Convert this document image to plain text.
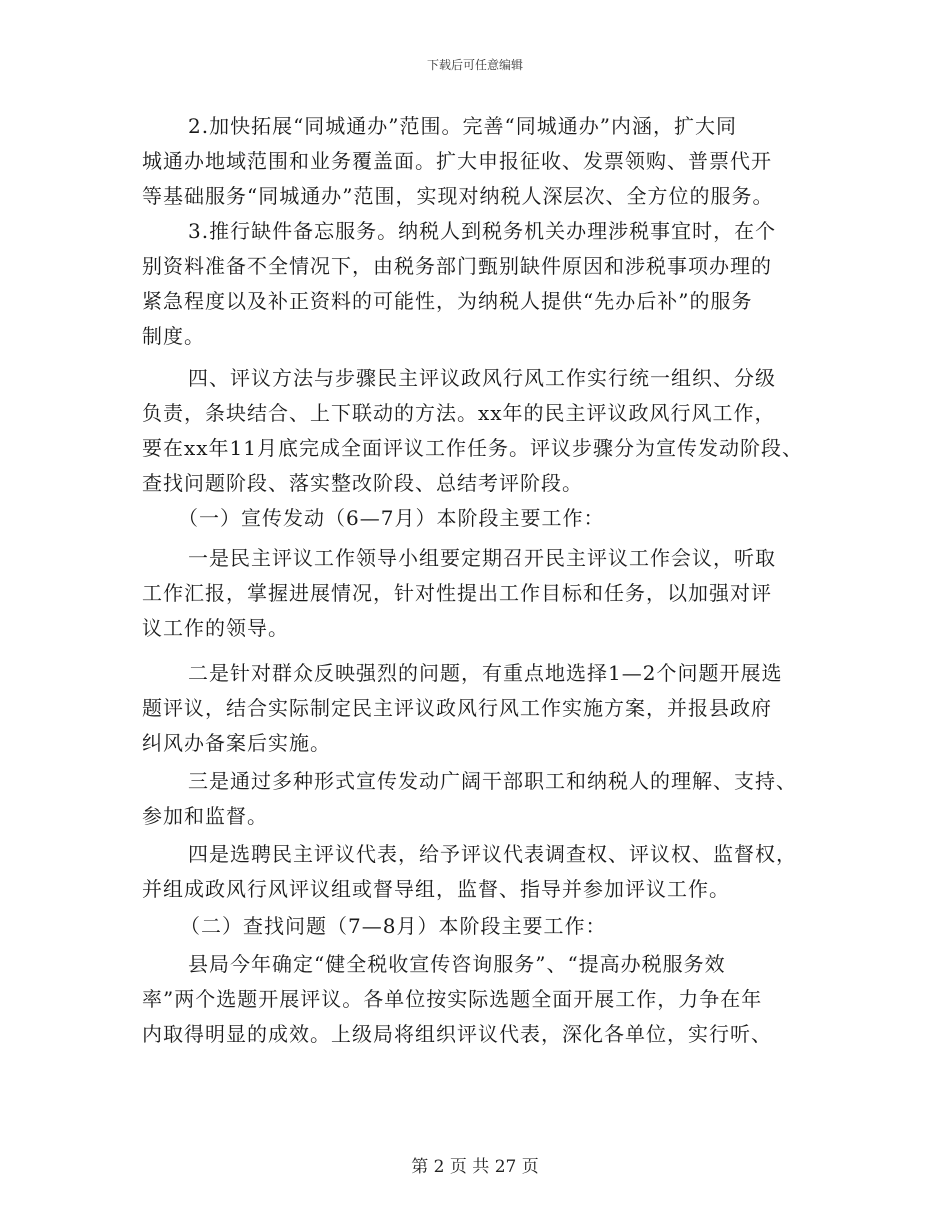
下载后可任意编辑
2.加快拓展“同城通办”范围。完善“同城通办”内涵，扩大同
城通办地域范围和业务覆盖面。扩大申报征收、发票领购、普票代开
等基础服务“同城通办”范围，实现对纳税人深层次、全方位的服务。
3.推行缺件备忘服务。纳税人到税务机关办理涉税事宜时，在个
别资料准备不全情况下，由税务部门甄别缺件原因和涉税事项办理的
紧急程度以及补正资料的可能性，为纳税人提供“先办后补”的服务
制度。
四、评议方法与步骤民主评议政风行风工作实行统一组织、分级
负责，条块结合、上下联动的方法。xx年的民主评议政风行风工作，
要在xx年11月底完成全面评议工作任务。评议步骤分为宣传发动阶段、
查找问题阶段、落实整改阶段、总结考评阶段。
（一）宣传发动（6—7月）本阶段主要工作：
一是民主评议工作领导小组要定期召开民主评议工作会议，听取
工作汇报，掌握进展情况，针对性提出工作目标和任务，以加强对评
议工作的领导。
二是针对群众反映强烈的问题，有重点地选择1—2个问题开展选
题评议，结合实际制定民主评议政风行风工作实施方案，并报县政府
纠风办备案后实施。
三是通过多种形式宣传发动广阔干部职工和纳税人的理解、支持、
参加和监督。
四是选聘民主评议代表，给予评议代表调查权、评议权、监督权，
并组成政风行风评议组或督导组，监督、指导并参加评议工作。
（二）查找问题（7—8月）本阶段主要工作：
县局今年确定“健全税收宣传咨询服务”、“提高办税服务效
率”两个选题开展评议。各单位按实际选题全面开展工作，力争在年
内取得明显的成效。上级局将组织评议代表，深化各单位，实行听、
第 2 页 共 27 页
